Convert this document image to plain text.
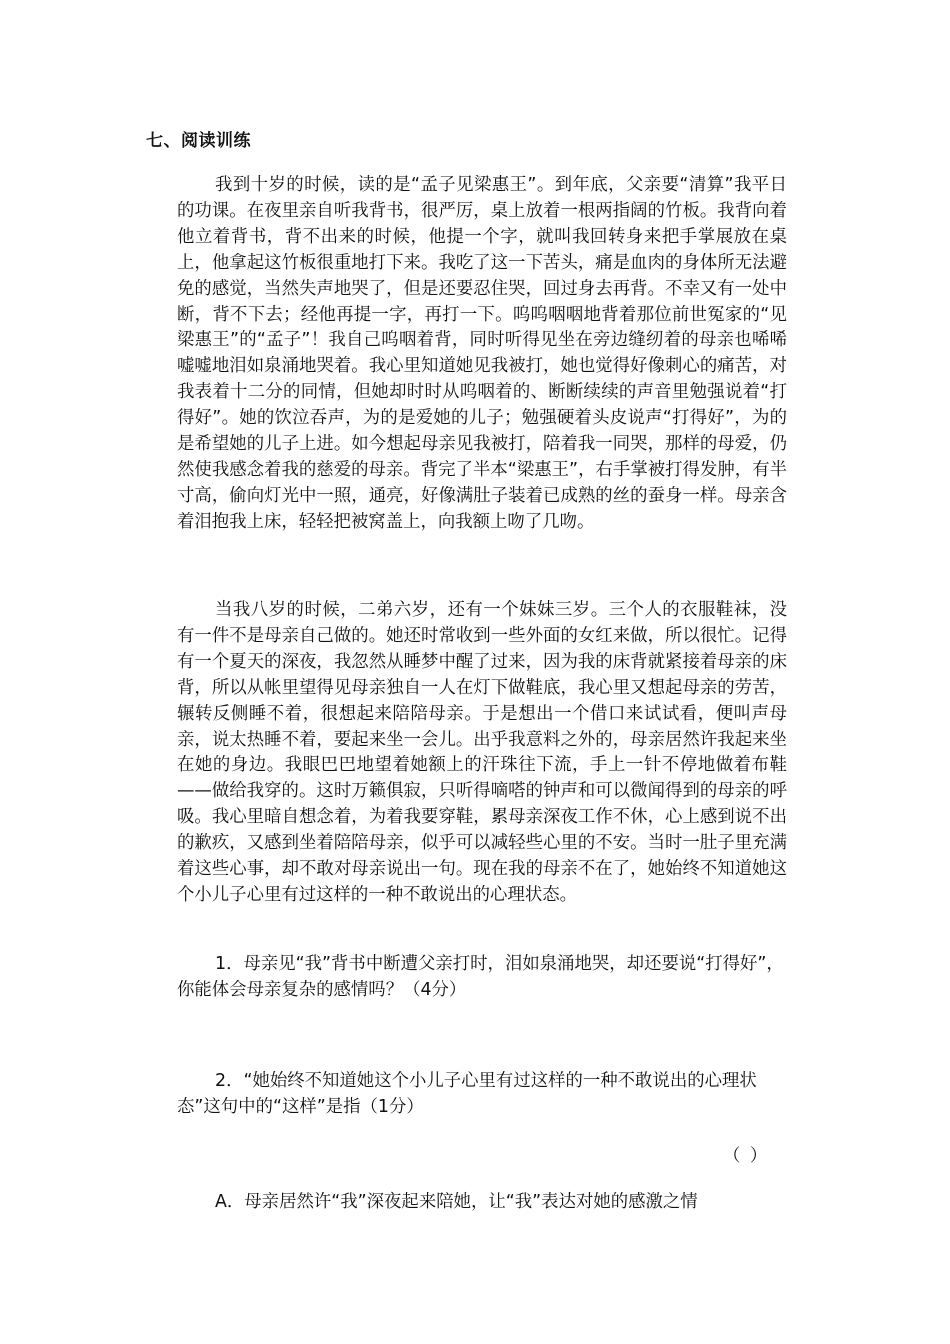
七、阅读训练

我到十岁的时候，读的是“孟子见梁惠王”。到年底，父亲要“清算”我平日的功课。在夜里亲自听我背书，很严厉，桌上放着一根两指阔的竹板。我背向着他立着背书，背不出来的时候，他提一个字，就叫我回转身来把手掌展放在桌上，他拿起这竹板很重地打下来。我吃了这一下苦头，痛是血肉的身体所无法避免的感觉，当然失声地哭了，但是还要忍住哭，回过身去再背。不幸又有一处中断，背不下去；经他再提一字，再打一下。呜呜咽咽地背着那位前世冤家的“见梁惠王”的“孟子”！我自己呜咽着背，同时听得见坐在旁边缝纫着的母亲也唏唏嘘嘘地泪如泉涌地哭着。我心里知道她见我被打，她也觉得好像刺心的痛苦，对我表着十二分的同情，但她却时时从呜咽着的、断断续续的声音里勉强说着“打得好”。她的饮泣吞声，为的是爱她的儿子；勉强硬着头皮说声“打得好”，为的是希望她的儿子上进。如今想起母亲见我被打，陪着我一同哭，那样的母爱，仍然使我感念着我的慈爱的母亲。背完了半本“梁惠王”，右手掌被打得发肿，有半寸高，偷向灯光中一照，通亮，好像满肚子装着已成熟的丝的蚕身一样。母亲含着泪抱我上床，轻轻把被窝盖上，向我额上吻了几吻。

当我八岁的时候，二弟六岁，还有一个妹妹三岁。三个人的衣服鞋袜，没有一件不是母亲自己做的。她还时常收到一些外面的女红来做，所以很忙。记得有一个夏天的深夜，我忽然从睡梦中醒了过来，因为我的床背就紧接着母亲的床背，所以从帐里望得见母亲独自一人在灯下做鞋底，我心里又想起母亲的劳苦，辗转反侧睡不着，很想起来陪陪母亲。于是想出一个借口来试试看，便叫声母亲，说太热睡不着，要起来坐一会儿。出乎我意料之外的，母亲居然许我起来坐在她的身边。我眼巴巴地望着她额上的汗珠往下流，手上一针不停地做着布鞋——做给我穿的。这时万籁俱寂，只听得嘀嗒的钟声和可以微闻得到的母亲的呼吸。我心里暗自想念着，为着我要穿鞋，累母亲深夜工作不休，心上感到说不出的歉疚，又感到坐着陪陪母亲，似乎可以减轻些心里的不安。当时一肚子里充满着这些心事，却不敢对母亲说出一句。现在我的母亲不在了，她始终不知道她这个小儿子心里有过这样的一种不敢说出的心理状态。

1．母亲见“我”背书中断遭父亲打时，泪如泉涌地哭，却还要说“打得好”，你能体会母亲复杂的感情吗？（4分）

2．“她始终不知道她这个小儿子心里有过这样的一种不敢说出的心理状态”这句中的“这样”是指（1分）

（ ）
A．母亲居然许“我”深夜起来陪她，让“我”表达对她的感激之情
